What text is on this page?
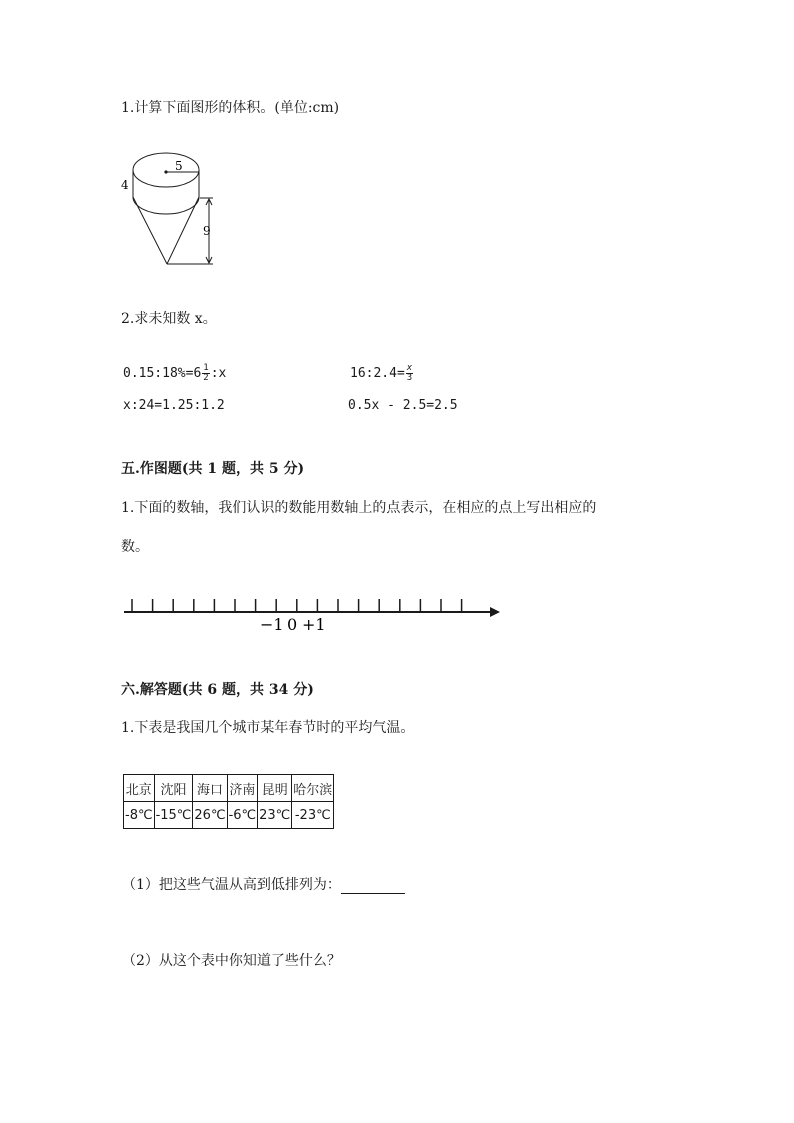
1.计算下面图形的体积。(单位:cm)
5
4
9
2.求未知数 x。
0.15:18%=6 $\frac{1}{2}$ :x	16:2.4= $\frac{x}{3}$
x:24=1.25:1.2	0.5x - 2.5=2.5
五.作图题(共 1 题，共 5 分)
1.下面的数轴，我们认识的数能用数轴上的点表示，在相应的点上写出相应的
数。
−1 0 +1
六.解答题(共 6 题，共 34 分)
1.下表是我国几个城市某年春节时的平均气温。
北京	沈阳	海口	济南	昆明	哈尔滨
-8℃	-15℃	26℃	-6℃	23℃	-23℃
（1）把这些气温从高到低排列为：
（2）从这个表中你知道了些什么？
